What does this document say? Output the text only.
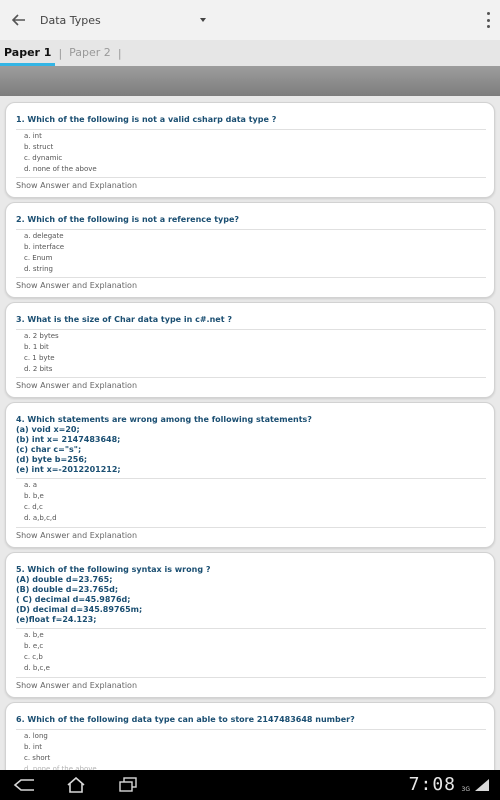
Data Types
Paper 1 | Paper 2 |
1. Which of the following is not a valid csharp data type ?
a. int
b. struct
c. dynamic
d. none of the above
Show Answer and Explanation
2. Which of the following is not a reference type?
a. delegate
b. interface
c. Enum
d. string
Show Answer and Explanation
3. What is the size of Char data type in c#.net ?
a. 2 bytes
b. 1 bit
c. 1 byte
d. 2 bits
Show Answer and Explanation
4. Which statements are wrong among the following statements?
(a) void x=20;
(b) int x= 2147483648;
(c) char c="s";
(d) byte b=256;
(e) int x=-2012201212;
a. a
b. b,e
c. d,c
d. a,b,c,d
Show Answer and Explanation
5. Which of the following syntax is wrong ?
(A) double d=23.765;
(B) double d=23.765d;
( C) decimal d=45.9876d;
(D) decimal d=345.89765m;
(e)float f=24.123;
a. b,e
b. e,c
c. c,b
d. b,c,e
Show Answer and Explanation
6. Which of the following data type can able to store 2147483648 number?
a. long
b. int
c. short
d. none of the above
7:08 3G
